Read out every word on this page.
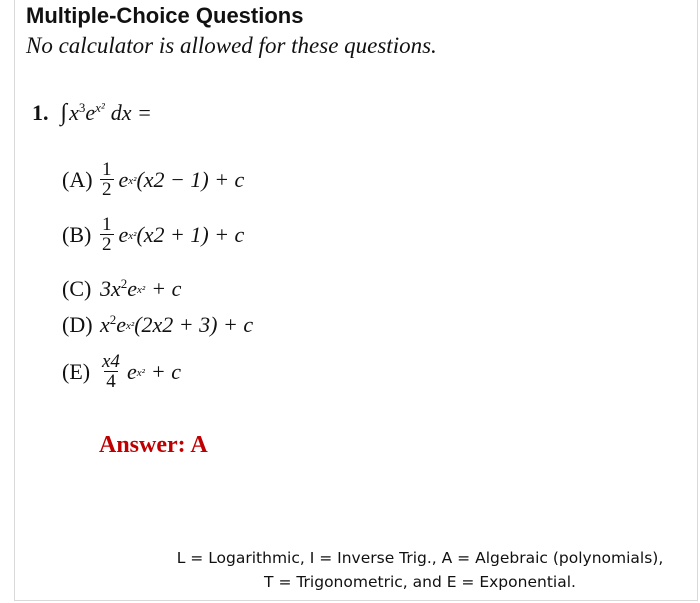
Multiple-Choice Questions
No calculator is allowed for these questions.
1. ∫ $x^3$ $e^{x^2}$ dx =
$(A) \frac{1}{2} e^{x^2}$ (x2 − 1) + c
$(B) \frac{1}{2} e^{x^2}$ (x2 + 1) + c
(C) $3x^2$ $e^{x^2} + c$
(D) $x^2$ $e^{x^2}$ (2x2 + 3) + c
$(E) \frac{x4}{4} e^{x^2} + c$
Answer: A
L = Logarithmic, I = Inverse Trig., A = Algebraic (polynomials),
T = Trigonometric, and E = Exponential.
